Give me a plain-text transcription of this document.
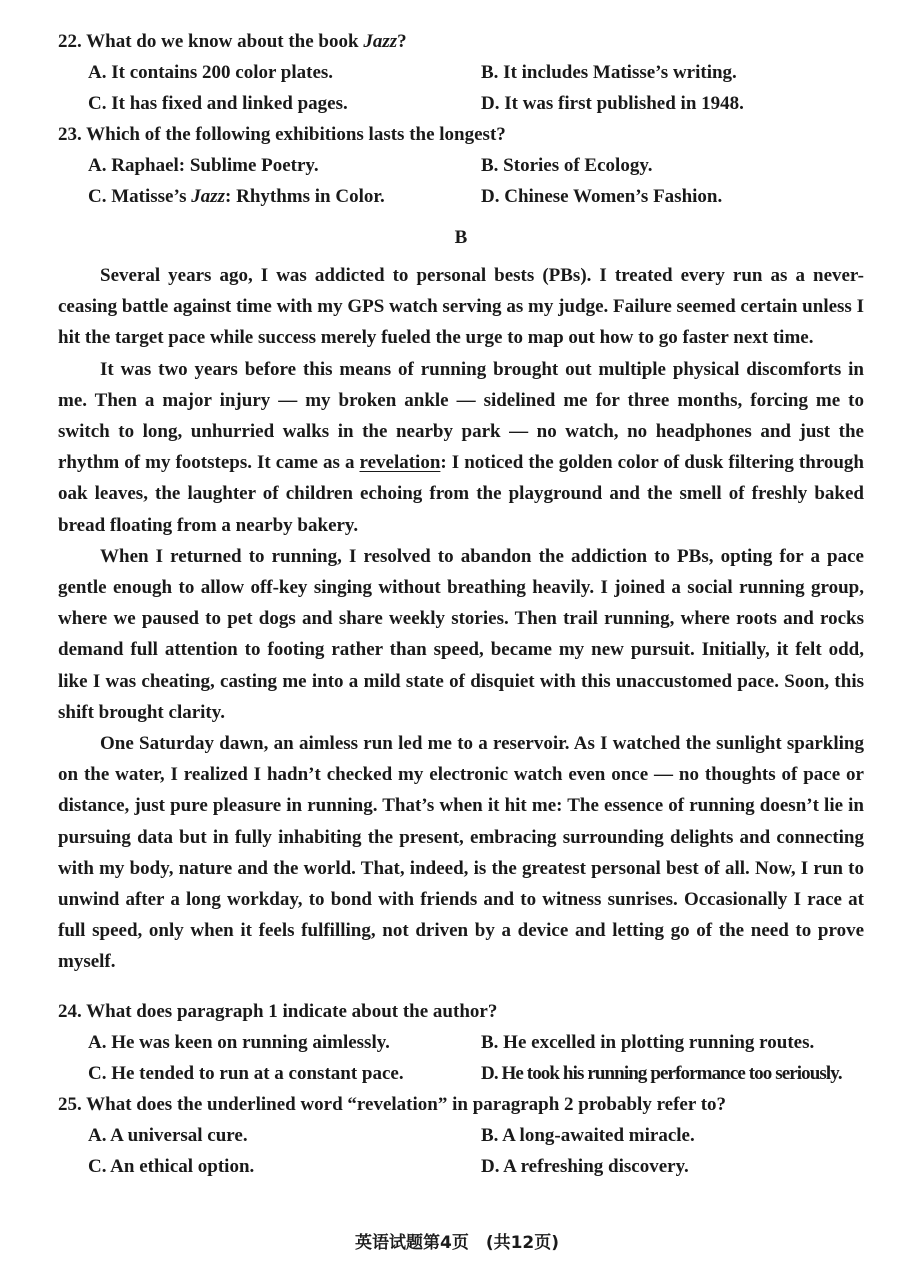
22. What do we know about the book Jazz?
A. It contains 200 color plates.	B. It includes Matisse’s writing.
C. It has fixed and linked pages.	D. It was first published in 1948.
23. Which of the following exhibitions lasts the longest?
A. Raphael: Sublime Poetry.	B. Stories of Ecology.
C. Matisse’s Jazz: Rhythms in Color.	D. Chinese Women’s Fashion.
B

Several years ago, I was addicted to personal bests (PBs). I treated every run as a never-ceasing battle against time with my GPS watch serving as my judge. Failure seemed certain unless I hit the target pace while success merely fueled the urge to map out how to go faster next time.

It was two years before this means of running brought out multiple physical discomforts in me. Then a major injury — my broken ankle — sidelined me for three months, forcing me to switch to long, unhurried walks in the nearby park — no watch, no headphones and just the rhythm of my footsteps. It came as a revelation: I noticed the golden color of dusk filtering through oak leaves, the laughter of children echoing from the playground and the smell of freshly baked bread floating from a nearby bakery.

When I returned to running, I resolved to abandon the addiction to PBs, opting for a pace gentle enough to allow off-key singing without breathing heavily. I joined a social running group, where we paused to pet dogs and share weekly stories. Then trail running, where roots and rocks demand full attention to footing rather than speed, became my new pursuit. Initially, it felt odd, like I was cheating, casting me into a mild state of disquiet with this unaccustomed pace. Soon, this shift brought clarity.

One Saturday dawn, an aimless run led me to a reservoir. As I watched the sunlight sparkling on the water, I realized I hadn’t checked my electronic watch even once — no thoughts of pace or distance, just pure pleasure in running. That’s when it hit me: The essence of running doesn’t lie in pursuing data but in fully inhabiting the present, embracing surrounding delights and connecting with my body, nature and the world. That, indeed, is the greatest personal best of all. Now, I run to unwind after a long workday, to bond with friends and to witness sunrises. Occasionally I race at full speed, only when it feels fulfilling, not driven by a device and letting go of the need to prove myself.

24. What does paragraph 1 indicate about the author?
A. He was keen on running aimlessly.	B. He excelled in plotting running routes.
C. He tended to run at a constant pace.	D. He took his running performance too seriously.
25. What does the underlined word “revelation” in paragraph 2 probably refer to?
A. A universal cure.	B. A long-awaited miracle.
C. An ethical option.	D. A refreshing discovery.
英语试题第4页　(共12页)
